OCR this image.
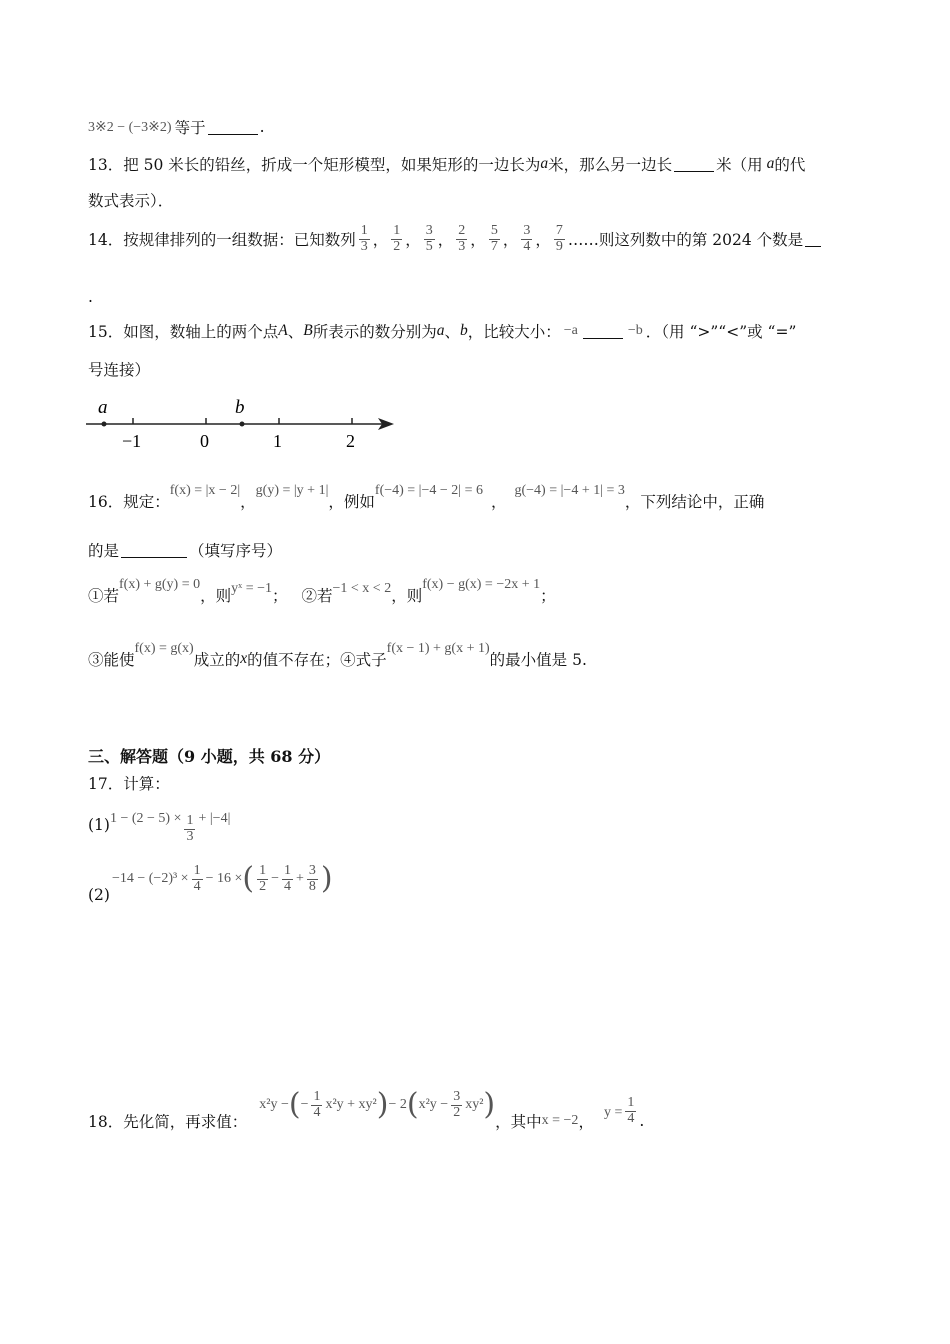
3※2 − (−3※2) 等于	.
13． 把 50 米长的铅丝，折成一个矩形模型，如果矩形的一边长为 a 米，那么另一边长	米（用 a 的代
数式表示）．
14． 按规律排列的一组数据：已知数列 $\frac{1}{3}$ ， $\frac{1}{2}$ ， $\frac{3}{5}$ ， $\frac{2}{3}$ ， $\frac{5}{7}$ ， $\frac{3}{4}$ ， $\frac{7}{9}$ ……则这列数中的第 2024 个数是
.
15． 如图，数轴上的两个点 A 、 B 所表示的数分别为 a 、 b ，比较大小： −a	−b ．（用 “>”“<”或 “=”
号连接）
a	b
−1	0	1	2
16． 规定：
f(x) = |x − 2|
，
g(y) = |y + 1|
，例如
f(−4) = |−4 − 2| = 6
，
g(−4) = |−4 + 1| = 3
，下列结论中，正确
的是	（填写序号）
①若
f(x) + g(y) = 0
，则 yˣ = −1 ； ②若 −1 < x < 2 ，则
f(x) − g(x) = −2x + 1
；
③能使
f(x) = g(x)
成立的 x 的值不存在；④式子
f(x − 1) + g(x + 1)
的最小值是 5.
三、解答题（9 小题，共 68 分）
17． 计算：
(1) $1 - (2 - 5) \times \frac{1}{3} + |-4|$
(2)
$-14 - (-2)^3 \times \frac{1}{4} - 16$ × ( $\frac{1}{2} - \frac{1}{4} + \frac{3}{8}$ )
18． 先化简，再求值：
x²y − ( − $\frac{1}{4} x^2y + xy^2$ ) − 2 ( $x^2y - \frac{3}{2} xy^2$ ) ，其中 x = −2 ，
$y = \frac{1}{4}$ .
